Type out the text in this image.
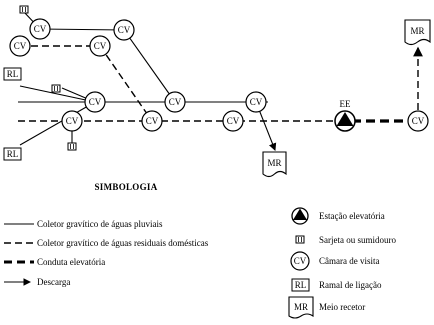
RL
RL
CV	CV
CV	CV
CV	CV	CV
CV	CV	CV	CV
EE
MR
MR
SIMBOLOGIA
Coletor gravítico de águas pluviais
Coletor gravítico de águas residuais domésticas
Conduta elevatória
Descarga
Estação elevatória
Sarjeta ou sumidouro
CV Câmara de visita
RL Ramal de ligação
MR Meio recetor
